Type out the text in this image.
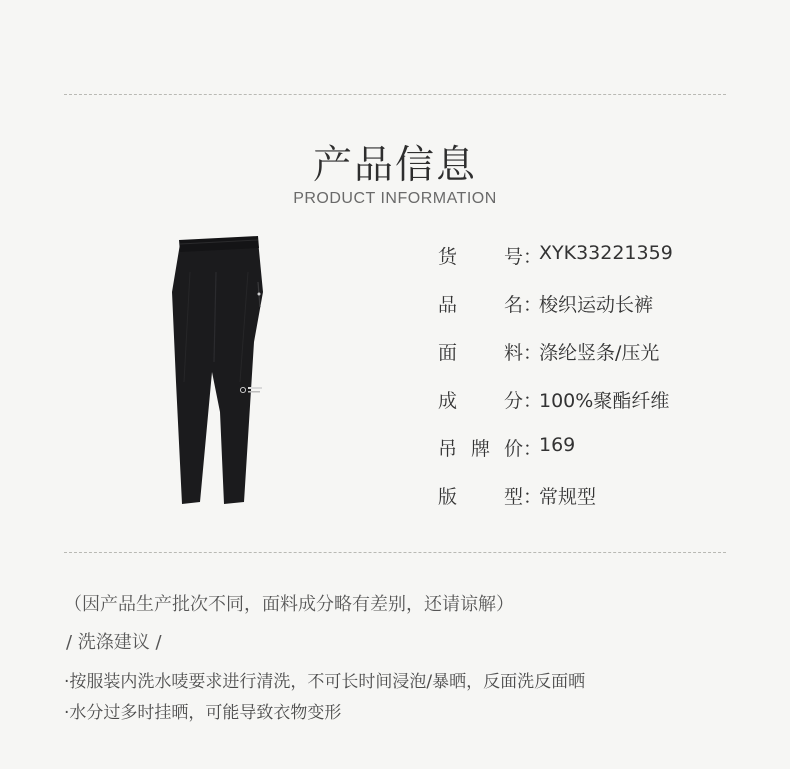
产品信息
PRODUCT INFORMATION
货 号 ：
XYK33221359
品 名 ：
梭织运动长裤
面 料 ：
涤纶竖条/压光
成 分 ：
100%聚酯纤维
吊 牌 价 ：
169
版 型 ：
常规型
（因产品生产批次不同，面料成分略有差别，还请谅解）
/ 洗涤建议 /
·按服装内洗水唛要求进行清洗，不可长时间浸泡/暴晒，反面洗反面晒
·水分过多时挂晒，可能导致衣物变形
